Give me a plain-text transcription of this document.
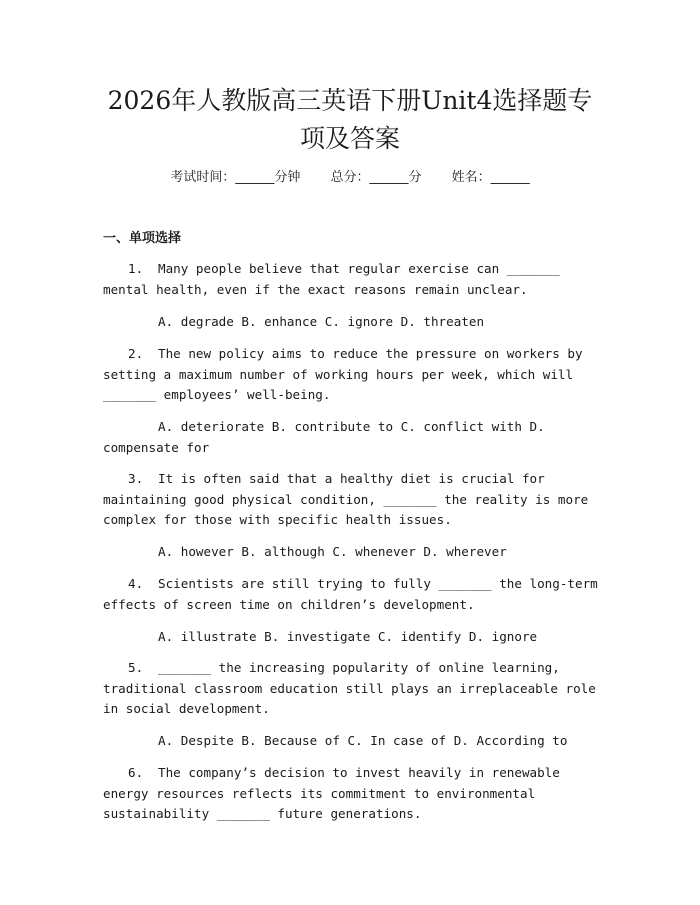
2026年人教版高三英语下册Unit4选择题专
项及答案
考试时间：______分钟 总分：______分 姓名：______
一、单项选择

1. Many people believe that regular exercise can _______ mental health, even if the exact reasons remain unclear.

A. degrade B. enhance C. ignore D. threaten

2. The new policy aims to reduce the pressure on workers by setting a maximum number of working hours per week, which will _______ employees’ well-being.

A. deteriorate B. contribute to C. conflict with D. compensate for

3. It is often said that a healthy diet is crucial for maintaining good physical condition, _______ the reality is more complex for those with specific health issues.

A. however B. although C. whenever D. wherever

4. Scientists are still trying to fully _______ the long-term effects of screen time on children’s development.

A. illustrate B. investigate C. identify D. ignore

5. _______ the increasing popularity of online learning, traditional classroom education still plays an irreplaceable role in social development.

A. Despite B. Because of C. In case of D. According to

6. The company’s decision to invest heavily in renewable energy resources reflects its commitment to environmental sustainability _______ future generations.
